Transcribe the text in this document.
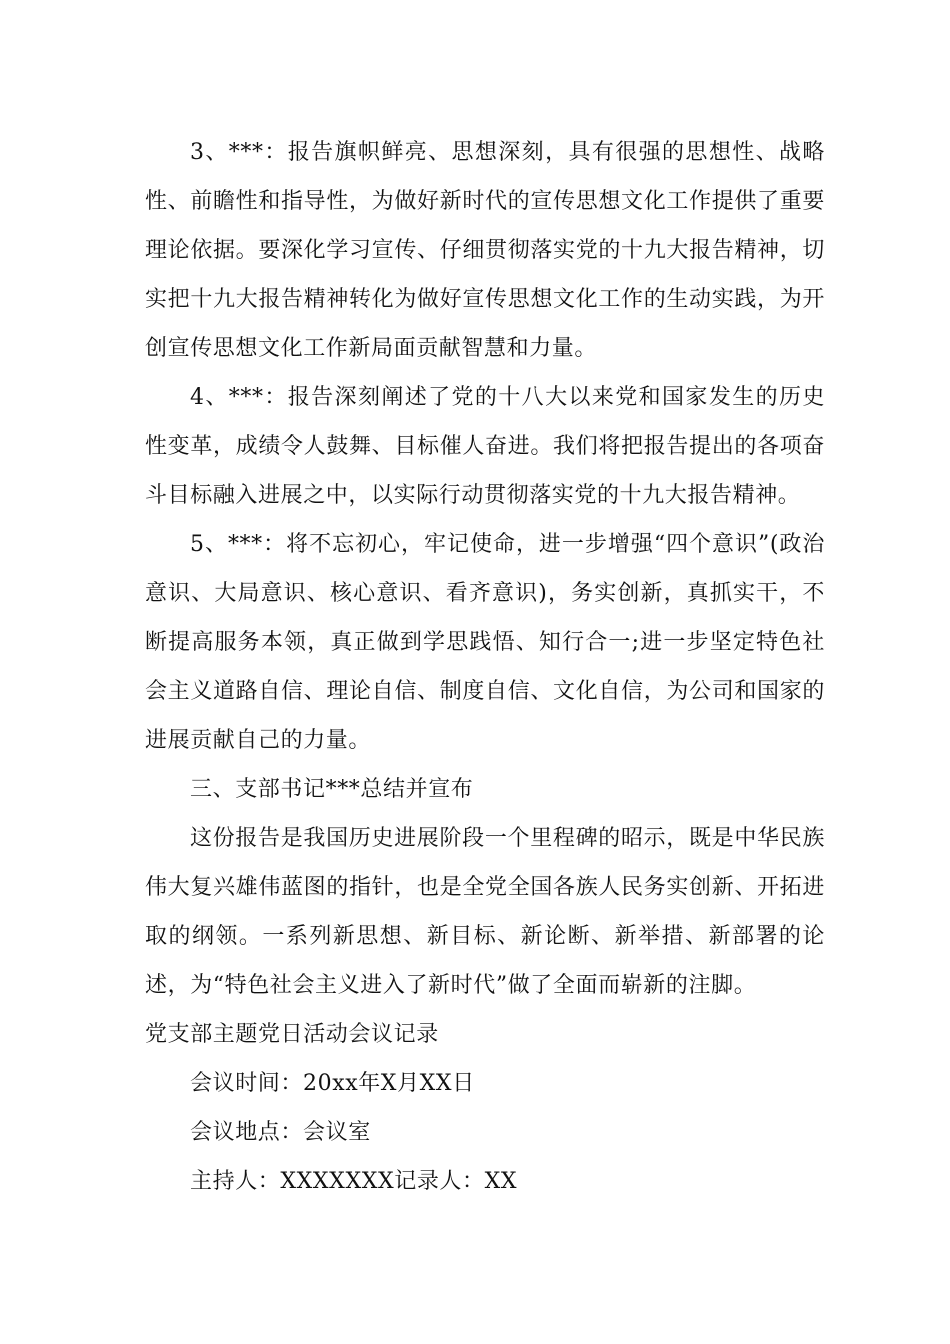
3、***：报告旗帜鲜亮、思想深刻，具有很强的思想性、战略性、前瞻性和指导性，为做好新时代的宣传思想文化工作提供了重要理论依据。要深化学习宣传、仔细贯彻落实党的十九大报告精神，切实把十九大报告精神转化为做好宣传思想文化工作的生动实践，为开创宣传思想文化工作新局面贡献智慧和力量。

4、***：报告深刻阐述了党的十八大以来党和国家发生的历史性变革，成绩令人鼓舞、目标催人奋进。我们将把报告提出的各项奋斗目标融入进展之中，以实际行动贯彻落实党的十九大报告精神。

5、***：将不忘初心，牢记使命，进一步增强“四个意识”(政治意识、大局意识、核心意识、看齐意识)，务实创新，真抓实干，不断提高服务本领，真正做到学思践悟、知行合一;进一步坚定特色社会主义道路自信、理论自信、制度自信、文化自信，为公司和国家的进展贡献自己的力量。

三、支部书记***总结并宣布

这份报告是我国历史进展阶段一个里程碑的昭示，既是中华民族伟大复兴雄伟蓝图的指针，也是全党全国各族人民务实创新、开拓进取的纲领。一系列新思想、新目标、新论断、新举措、新部署的论述，为“特色社会主义进入了新时代”做了全面而崭新的注脚。

党支部主题党日活动会议记录

会议时间：20xx年X月XX日

会议地点：会议室

主持人：XXXXXXX记录人：XX
